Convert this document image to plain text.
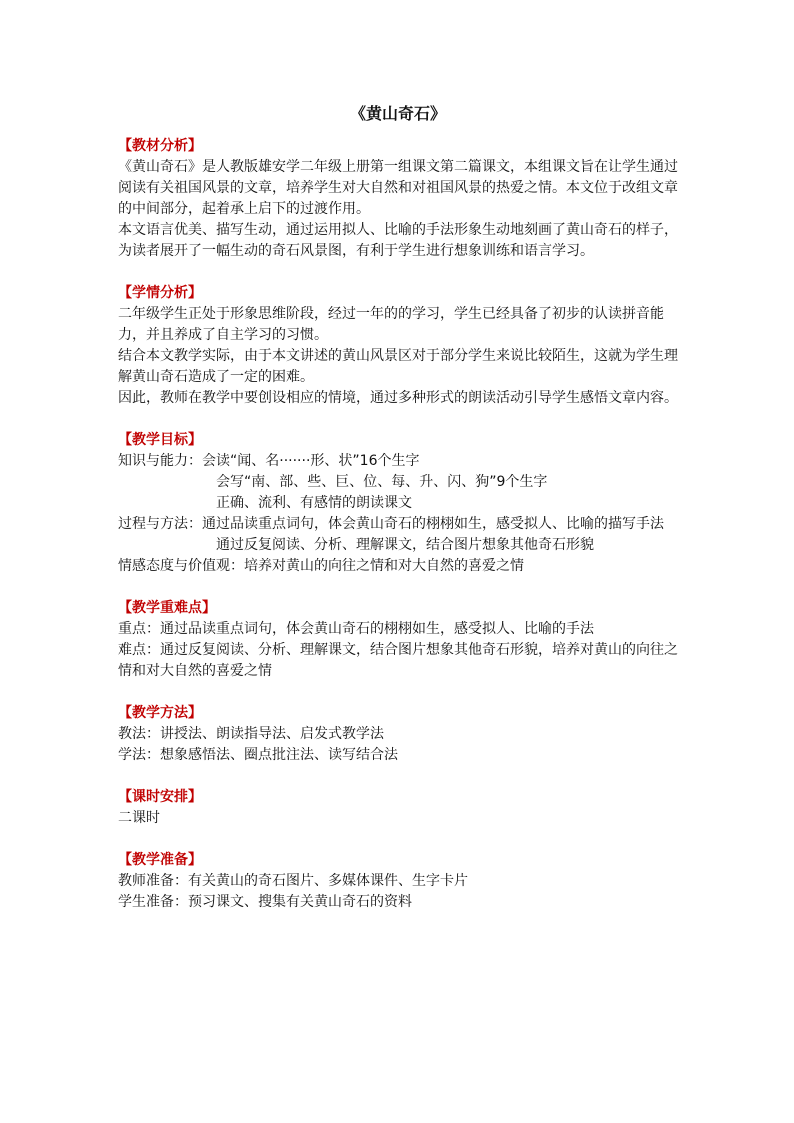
《黄山奇石》
【教材分析】

《黄山奇石》是人教版雄安学二年级上册第一组课文第二篇课文，本组课文旨在让学生通过阅读有关祖国风景的文章，培养学生对大自然和对祖国风景的热爱之情。本文位于改组文章的中间部分，起着承上启下的过渡作用。

本文语言优美、描写生动，通过运用拟人、比喻的手法形象生动地刻画了黄山奇石的样子，为读者展开了一幅生动的奇石风景图，有利于学生进行想象训练和语言学习。

【学情分析】

二年级学生正处于形象思维阶段，经过一年的的学习，学生已经具备了初步的认读拼音能力，并且养成了自主学习的习惯。

结合本文教学实际，由于本文讲述的黄山风景区对于部分学生来说比较陌生，这就为学生理解黄山奇石造成了一定的困难。

因此，教师在教学中要创设相应的情境，通过多种形式的朗读活动引导学生感悟文章内容。

【教学目标】
知识与能力： 会读“闻、名·······形、状”16个生字
会写“南、部、些、巨、位、每、升、闪、狗”9个生字
正确、流利、有感情的朗读课文
过程与方法： 通过品读重点词句，体会黄山奇石的栩栩如生，感受拟人、比喻的描写手法
通过反复阅读、分析、理解课文，结合图片想象其他奇石形貌
情感态度与价值观： 培养对黄山的向往之情和对大自然的喜爱之情
【教学重难点】

重点：通过品读重点词句，体会黄山奇石的栩栩如生，感受拟人、比喻的手法

难点：通过反复阅读、分析、理解课文，结合图片想象其他奇石形貌，培养对黄山的向往之情和对大自然的喜爱之情

【教学方法】

教法：讲授法、朗读指导法、启发式教学法

学法：想象感悟法、圈点批注法、读写结合法

【课时安排】

二课时

【教学准备】

教师准备：有关黄山的奇石图片、多媒体课件、生字卡片

学生准备：预习课文、搜集有关黄山奇石的资料
